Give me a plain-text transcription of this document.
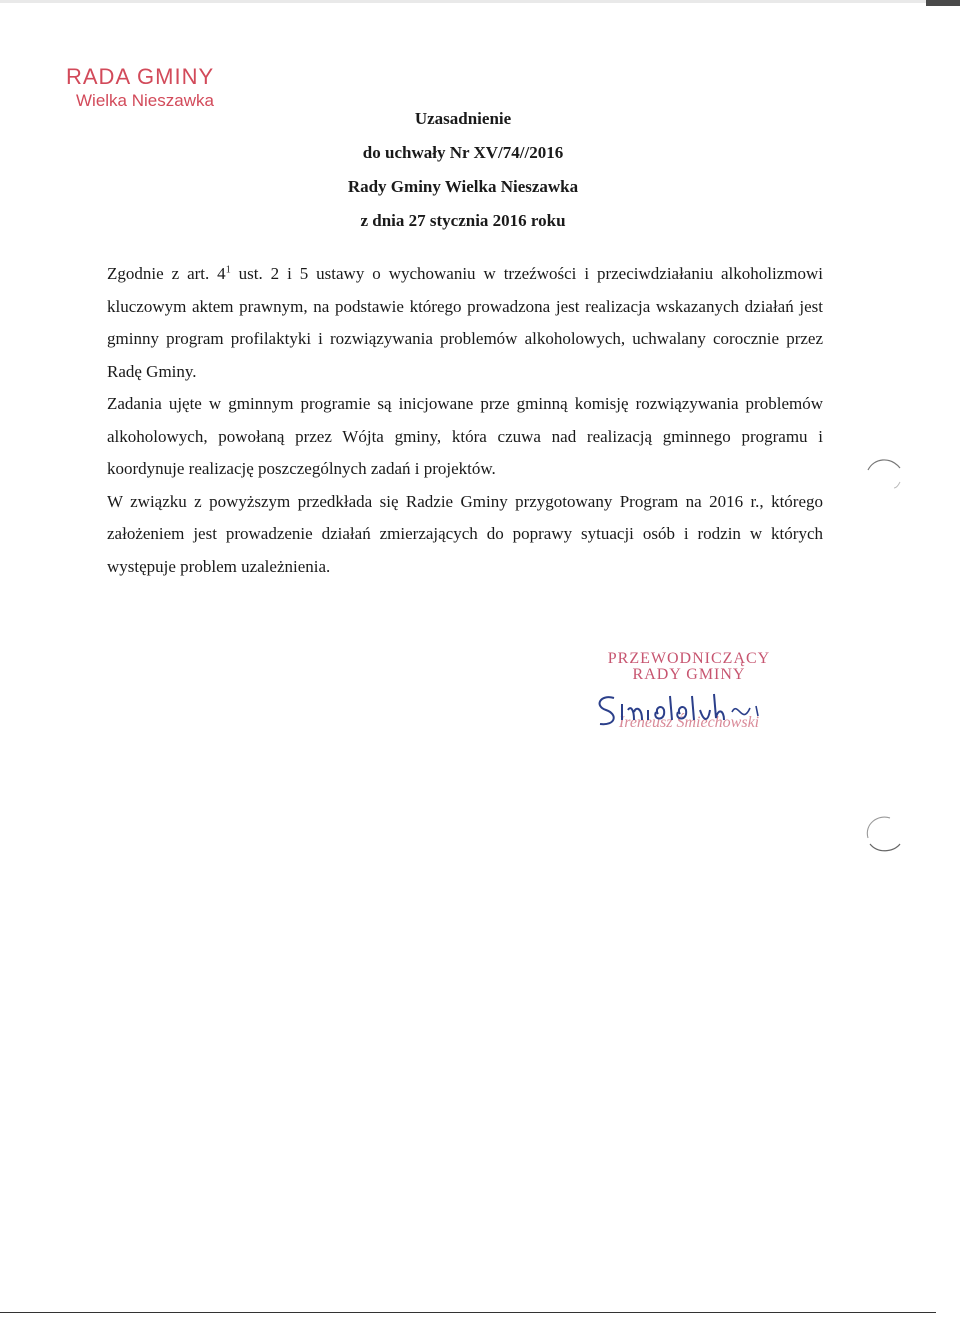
RADA GMINY
Wielka Nieszawka
Uzasadnienie
do uchwały Nr XV/74//2016
Rady Gminy Wielka Nieszawka
z dnia 27 stycznia 2016 roku

Zgodnie z art. $4^1$ ust. 2 i 5 ustawy o wychowaniu w trzeźwości i przeciwdziałaniu alkoholizmowi kluczowym aktem prawnym, na podstawie którego prowadzona jest realizacja wskazanych działań jest gminny program profilaktyki i rozwiązywania problemów alkoholowych, uchwalany corocznie przez Radę Gminy.

Zadania ujęte w gminnym programie są inicjowane prze gminną komisję rozwiązywania problemów alkoholowych, powołaną przez Wójta gminy, która czuwa nad realizacją gminnego programu i koordynuje realizację poszczególnych zadań i projektów.

W związku z powyższym przedkłada się Radzie Gminy przygotowany Program na 2016 r., którego założeniem jest prowadzenie działań zmierzających do poprawy sytuacji osób i rodzin w których występuje problem uzależnienia.

PRZEWODNICZĄCY
RADY GMINY
Ireneusz Śmiechowski
